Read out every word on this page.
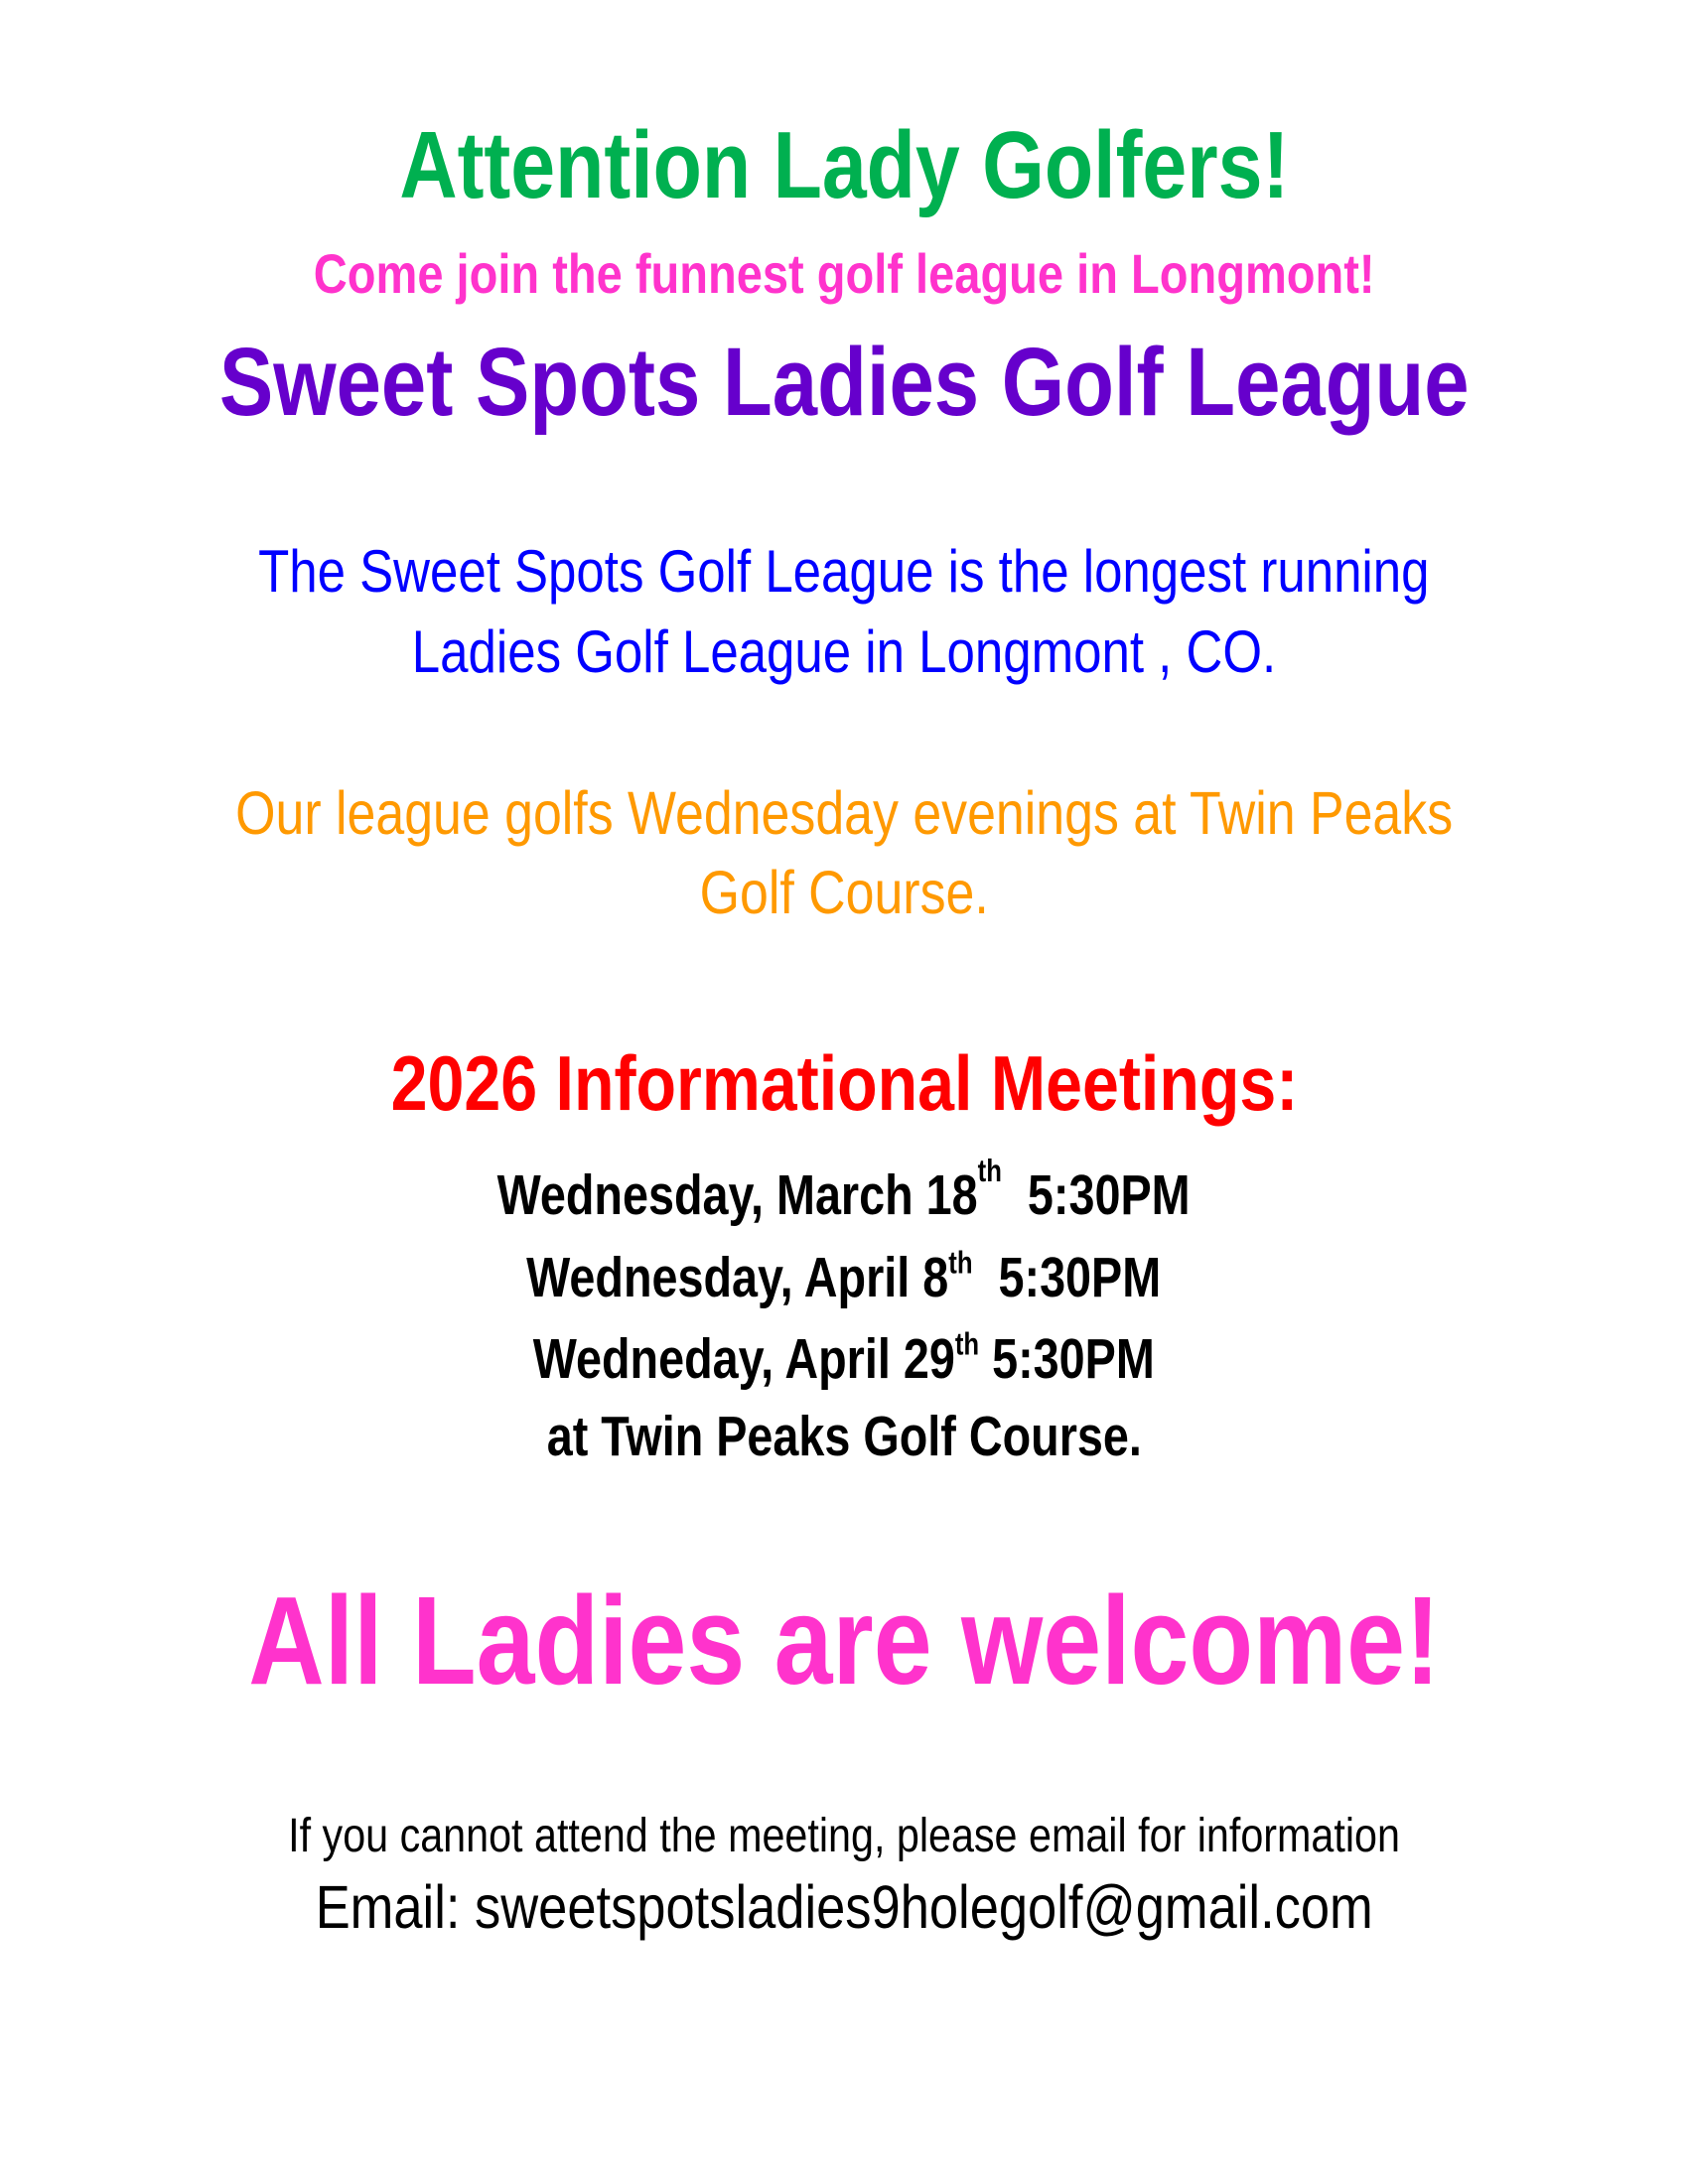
Attention Lady Golfers!
Come join the funnest golf league in Longmont!
Sweet Spots Ladies Golf League
The Sweet Spots Golf League is the longest running
Ladies Golf League in Longmont , CO.
Our league golfs Wednesday evenings at Twin Peaks
Golf Course.
2026 Informational Meetings:
Wednesday, March 18th 5:30PM
Wednesday, April 8th 5:30PM
Wedneday, April 29th 5:30PM
at Twin Peaks Golf Course.
All Ladies are welcome!
If you cannot attend the meeting, please email for information
Email: sweetspotsladies9holegolf@gmail.com
